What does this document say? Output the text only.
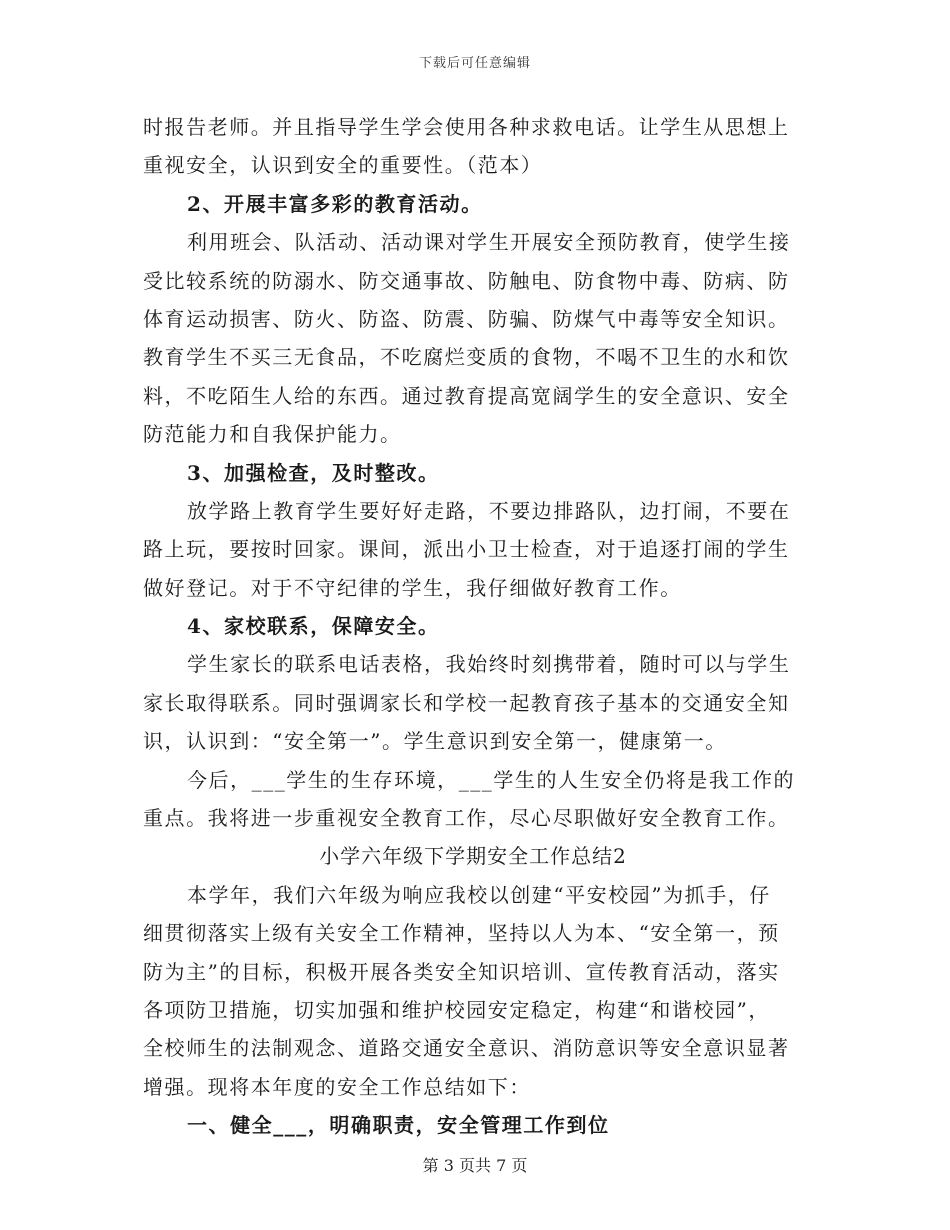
下载后可任意编辑
时报告老师。并且指导学生学会使用各种求救电话。让学生从思想上
重视安全，认识到安全的重要性。（范本）
2、开展丰富多彩的教育活动。
利用班会、队活动、活动课对学生开展安全预防教育，使学生接
受比较系统的防溺水、防交通事故、防触电、防食物中毒、防病、防
体育运动损害、防火、防盗、防震、防骗、防煤气中毒等安全知识。
教育学生不买三无食品，不吃腐烂变质的食物，不喝不卫生的水和饮
料，不吃陌生人给的东西。通过教育提高宽阔学生的安全意识、安全
防范能力和自我保护能力。
3、加强检查，及时整改。
放学路上教育学生要好好走路，不要边排路队，边打闹，不要在
路上玩，要按时回家。课间，派出小卫士检查，对于追逐打闹的学生
做好登记。对于不守纪律的学生，我仔细做好教育工作。
4、家校联系，保障安全。
学生家长的联系电话表格，我始终时刻携带着，随时可以与学生
家长取得联系。同时强调家长和学校一起教育孩子基本的交通安全知
识，认识到：“安全第一”。学生意识到安全第一，健康第一。
今后，___学生的生存环境，___学生的人生安全仍将是我工作的
重点。我将进一步重视安全教育工作，尽心尽职做好安全教育工作。
小学六年级下学期安全工作总结2
本学年，我们六年级为响应我校以创建“平安校园”为抓手，仔
细贯彻落实上级有关安全工作精神，坚持以人为本、“安全第一，预
防为主”的目标，积极开展各类安全知识培训、宣传教育活动，落实
各项防卫措施，切实加强和维护校园安定稳定，构建“和谐校园”，
全校师生的法制观念、道路交通安全意识、消防意识等安全意识显著
增强。现将本年度的安全工作总结如下：
一、健全___，明确职责，安全管理工作到位
第 3 页共 7 页
